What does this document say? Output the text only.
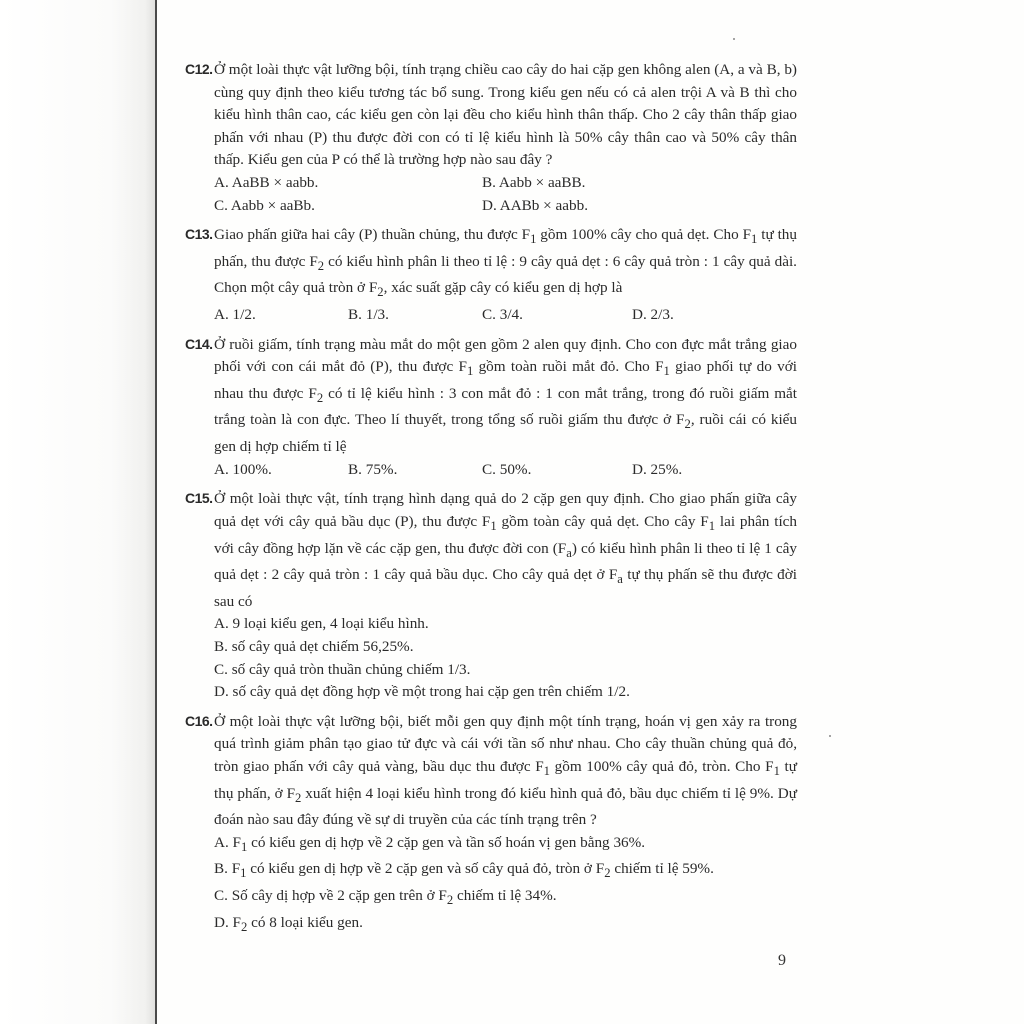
C12.Ở một loài thực vật lưỡng bội, tính trạng chiều cao cây do hai cặp gen không alen (A, a và B, b) cùng quy định theo kiểu tương tác bổ sung. Trong kiểu gen nếu có cả alen trội A và B thì cho kiểu hình thân cao, các kiểu gen còn lại đều cho kiểu hình thân thấp. Cho 2 cây thân thấp giao phấn với nhau (P) thu được đời con có tỉ lệ kiểu hình là 50% cây thân cao và 50% cây thân thấp. Kiểu gen của P có thể là trường hợp nào sau đây ?
A. AaBB × aabb.	B. Aabb × aaBB.
C. Aabb × aaBb.	D. AABb × aabb.
C13.Giao phấn giữa hai cây (P) thuần chủng, thu được $F_1$ gồm 100% cây cho quả dẹt. Cho $F_1$ tự thụ phấn, thu được $F_2$ có kiểu hình phân li theo tỉ lệ : 9 cây quả dẹt : 6 cây quả tròn : 1 cây quả dài. Chọn một cây quả tròn ở $F_2$, xác suất gặp cây có kiểu gen dị hợp là
A. 1/2.	B. 1/3.	C. 3/4.	D. 2/3.
C14.Ở ruồi giấm, tính trạng màu mắt do một gen gồm 2 alen quy định. Cho con đực mắt trắng giao phối với con cái mắt đỏ (P), thu được $F_1$ gồm toàn ruồi mắt đỏ. Cho $F_1$ giao phối tự do với nhau thu được $F_2$ có tỉ lệ kiểu hình : 3 con mắt đỏ : 1 con mắt trắng, trong đó ruồi giấm mắt trắng toàn là con đực. Theo lí thuyết, trong tổng số ruồi giấm thu được ở $F_2$, ruồi cái có kiểu gen dị hợp chiếm tỉ lệ
A. 100%.	B. 75%.	C. 50%.	D. 25%.
C15.Ở một loài thực vật, tính trạng hình dạng quả do 2 cặp gen quy định. Cho giao phấn giữa cây quả dẹt với cây quả bầu dục (P), thu được $F_1$ gồm toàn cây quả dẹt. Cho cây $F_1$ lai phân tích với cây đồng hợp lặn về các cặp gen, thu được đời con $(F_a)$ có kiểu hình phân li theo tỉ lệ 1 cây quả dẹt : 2 cây quả tròn : 1 cây quả bầu dục. Cho cây quả dẹt ở $F_a$ tự thụ phấn sẽ thu được đời sau có
A. 9 loại kiểu gen, 4 loại kiểu hình.
B. số cây quả dẹt chiếm 56,25%.
C. số cây quả tròn thuần chủng chiếm 1/3.
D. số cây quả dẹt đồng hợp về một trong hai cặp gen trên chiếm 1/2.
C16.Ở một loài thực vật lưỡng bội, biết mỗi gen quy định một tính trạng, hoán vị gen xảy ra trong quá trình giảm phân tạo giao tử đực và cái với tần số như nhau. Cho cây thuần chủng quả đỏ, tròn giao phấn với cây quả vàng, bầu dục thu được $F_1$ gồm 100% cây quả đỏ, tròn. Cho $F_1$ tự thụ phấn, ở $F_2$ xuất hiện 4 loại kiểu hình trong đó kiểu hình quả đỏ, bầu dục chiếm tỉ lệ 9%. Dự đoán nào sau đây đúng về sự di truyền của các tính trạng trên ?
A. $F_1$ có kiểu gen dị hợp về 2 cặp gen và tần số hoán vị gen bằng 36%.
B. $F_1$ có kiểu gen dị hợp về 2 cặp gen và số cây quả đỏ, tròn ở $F_2$ chiếm tỉ lệ 59%.
C. Số cây dị hợp về 2 cặp gen trên ở $F_2$ chiếm tỉ lệ 34%.
D. $F_2$ có 8 loại kiểu gen.
9
